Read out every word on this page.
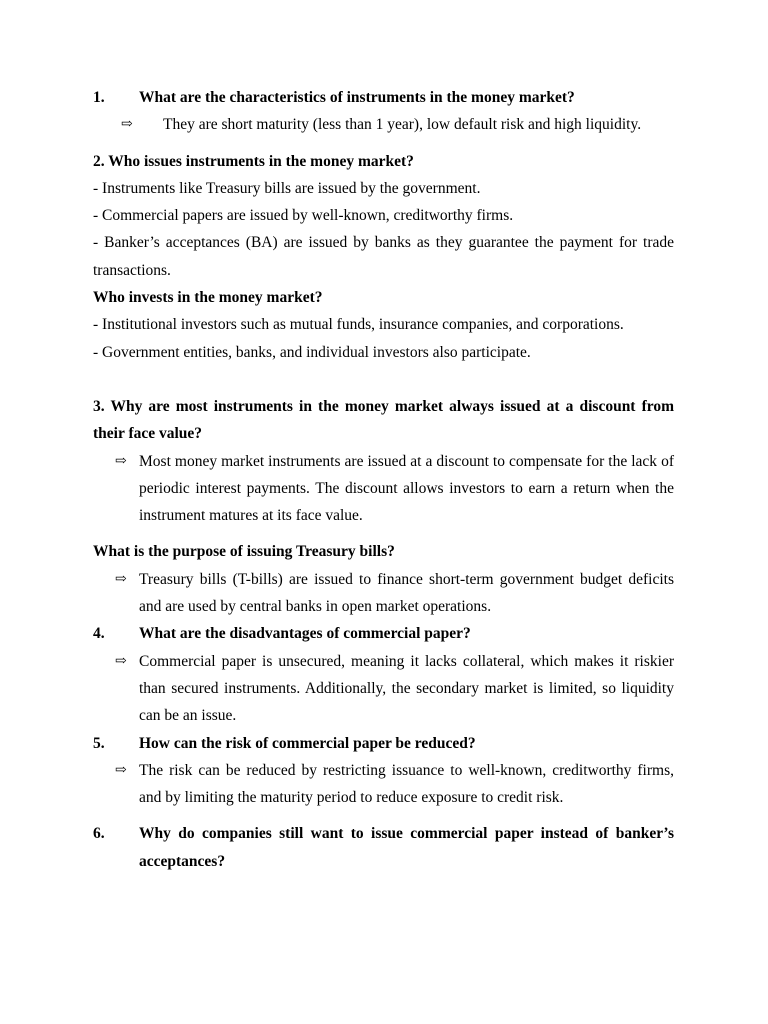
1.	What are the characteristics of instruments in the money market?
⇨	They are short maturity (less than 1 year), low default risk and high liquidity.
2. Who issues instruments in the money market?
- Instruments like Treasury bills are issued by the government.
- Commercial papers are issued by well-known, creditworthy firms.
- Banker’s acceptances (BA) are issued by banks as they guarantee the payment for trade transactions.
Who invests in the money market?
- Institutional investors such as mutual funds, insurance companies, and corporations.
- Government entities, banks, and individual investors also participate.
3. Why are most instruments in the money market always issued at a discount from their face value?
⇨ Most money market instruments are issued at a discount to compensate for the lack of periodic interest payments. The discount allows investors to earn a return when the instrument matures at its face value.
What is the purpose of issuing Treasury bills?
⇨ Treasury bills (T-bills) are issued to finance short-term government budget deficits and are used by central banks in open market operations.
4.	What are the disadvantages of commercial paper?
⇨ Commercial paper is unsecured, meaning it lacks collateral, which makes it riskier than secured instruments. Additionally, the secondary market is limited, so liquidity can be an issue.
5.	How can the risk of commercial paper be reduced?
⇨ The risk can be reduced by restricting issuance to well-known, creditworthy firms, and by limiting the maturity period to reduce exposure to credit risk.
6.	Why do companies still want to issue commercial paper instead of banker’s acceptances?
